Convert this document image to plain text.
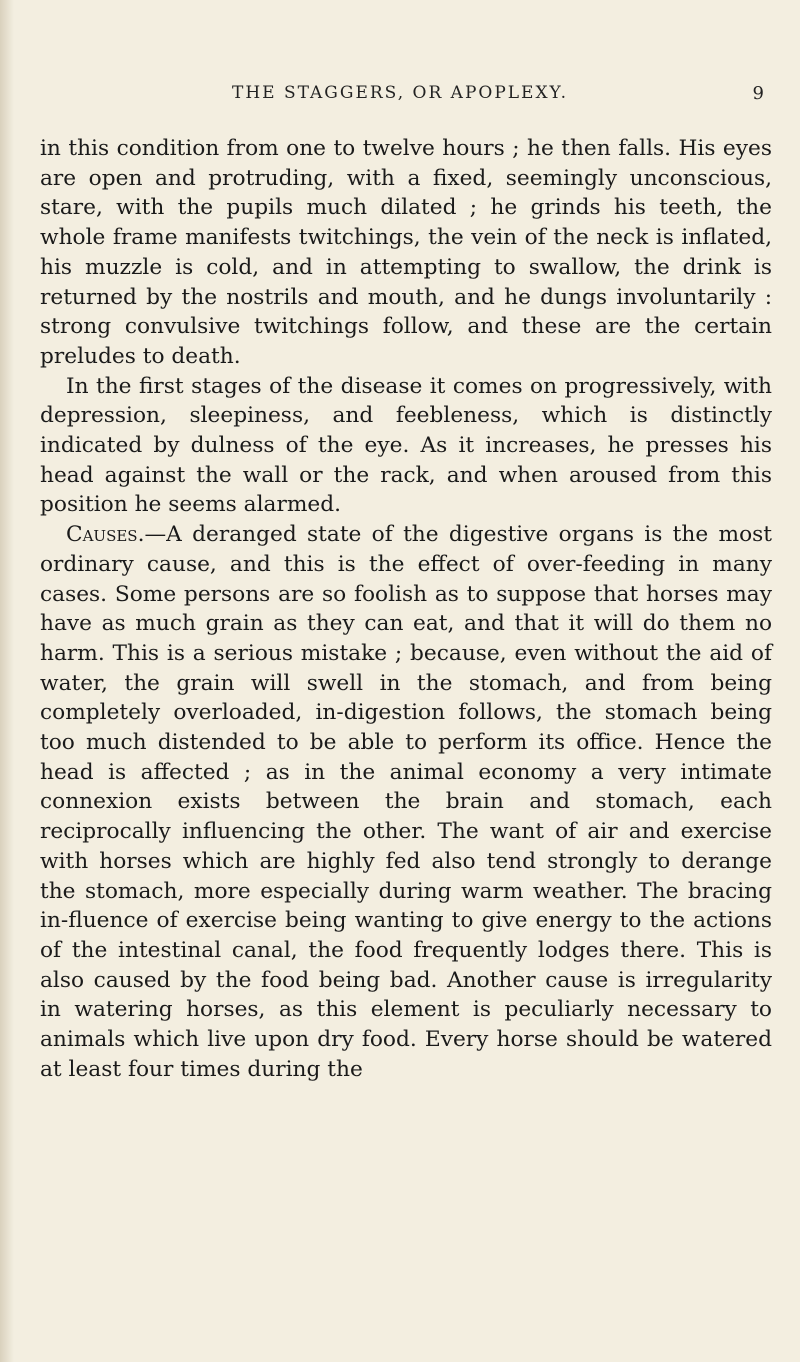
THE STAGGERS, OR APOPLEXY.	9

in this condition from one to twelve hours ; he then falls. His eyes are open and protruding, with a fixed, seemingly unconscious, stare, with the pupils much dilated ; he grinds his teeth, the whole frame manifests twitchings, the vein of the neck is inflated, his muzzle is cold, and in attempting to swallow, the drink is returned by the nostrils and mouth, and he dungs involuntarily : strong convulsive twitchings follow, and these are the certain preludes to death.

In the first stages of the disease it comes on progressively, with depression, sleepiness, and feebleness, which is distinctly indicated by dulness of the eye. As it increases, he presses his head against the wall or the rack, and when aroused from this position he seems alarmed.

Causes.—A deranged state of the digestive organs is the most ordinary cause, and this is the effect of over-feeding in many cases. Some persons are so foolish as to suppose that horses may have as much grain as they can eat, and that it will do them no harm. This is a serious mistake ; because, even without the aid of water, the grain will swell in the stomach, and from being completely overloaded, in-digestion follows, the stomach being too much distended to be able to perform its office. Hence the head is affected ; as in the animal economy a very intimate connexion exists between the brain and stomach, each reciprocally influencing the other. The want of air and exercise with horses which are highly fed also tend strongly to derange the stomach, more especially during warm weather. The bracing in-fluence of exercise being wanting to give energy to the actions of the intestinal canal, the food frequently lodges there. This is also caused by the food being bad. Another cause is irregularity in watering horses, as this element is peculiarly necessary to animals which live upon dry food. Every horse should be watered at least four times during the
